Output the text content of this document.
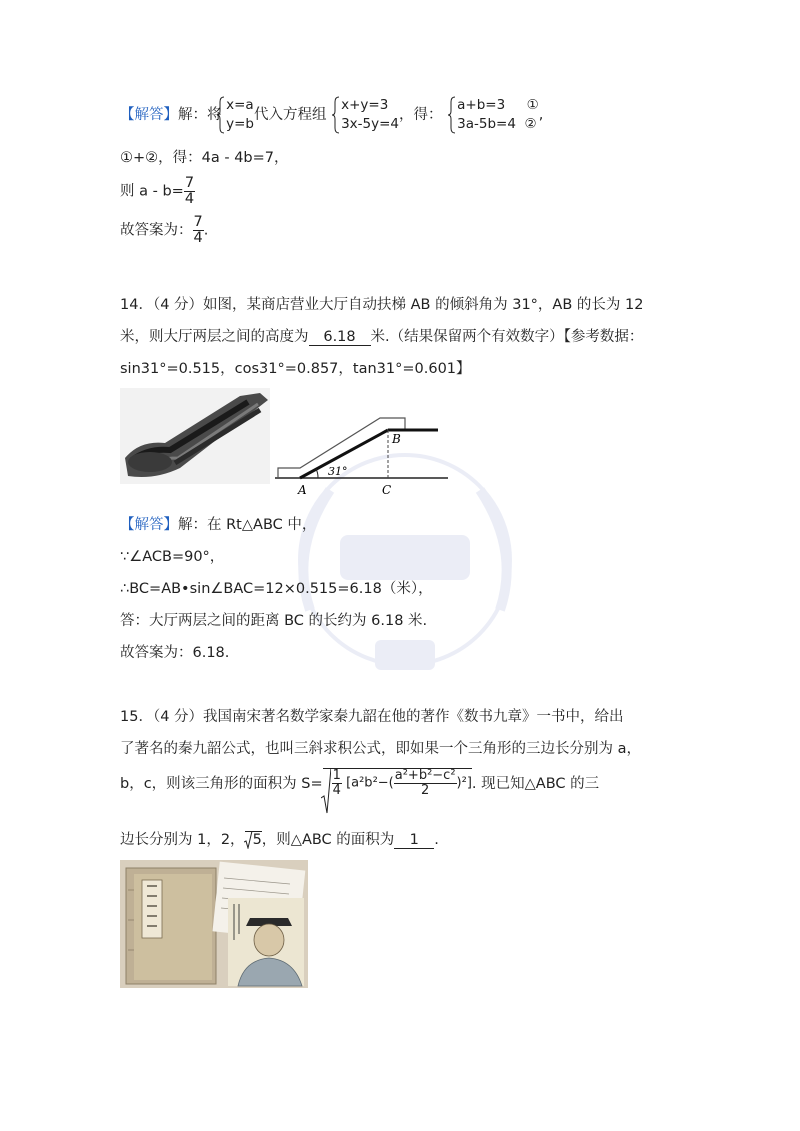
【解答】解：将
x=a
y=b
代入方程组
x+y=3
3x-5y=4
，得：
a+b=3 ①
3a-5b=4 ②
,
①+②，得：4a - 4b=7，
则 $a - b= \frac{7}{4}$
故答案为： $\frac{7}{4}$ .
14．（4 分）如图，某商店营业大厅自动扶梯 AB 的倾斜角为 31°，AB 的长为 12
米，则大厅两层之间的高度为 6.18 米.（结果保留两个有效数字）【参考数据：
sin31°=0.515，cos31°=0.857，tan31°=0.601】
31°
A	C
B
【解答】解：在 Rt△ABC 中，
∵∠ACB=90°，
∴BC=AB•sin∠BAC=12×0.515=6.18（米），
答：大厅两层之间的距离 BC 的长约为 6.18 米.
故答案为：6.18.
15．（4 分）我国南宋著名数学家秦九韶在他的著作《数书九章》一书中，给出
了著名的秦九韶公式，也叫三斜求积公式，即如果一个三角形的三边长分别为 a，
b，c，则该三角形的面积为 $S= \frac{1}{4} [a^2b^2-( \frac{\text{a²+b²−c²}}{2} )^2]$. 现已知△ABC 的三
边长分别为 1，2， 5，则△ABC 的面积为 1 .
